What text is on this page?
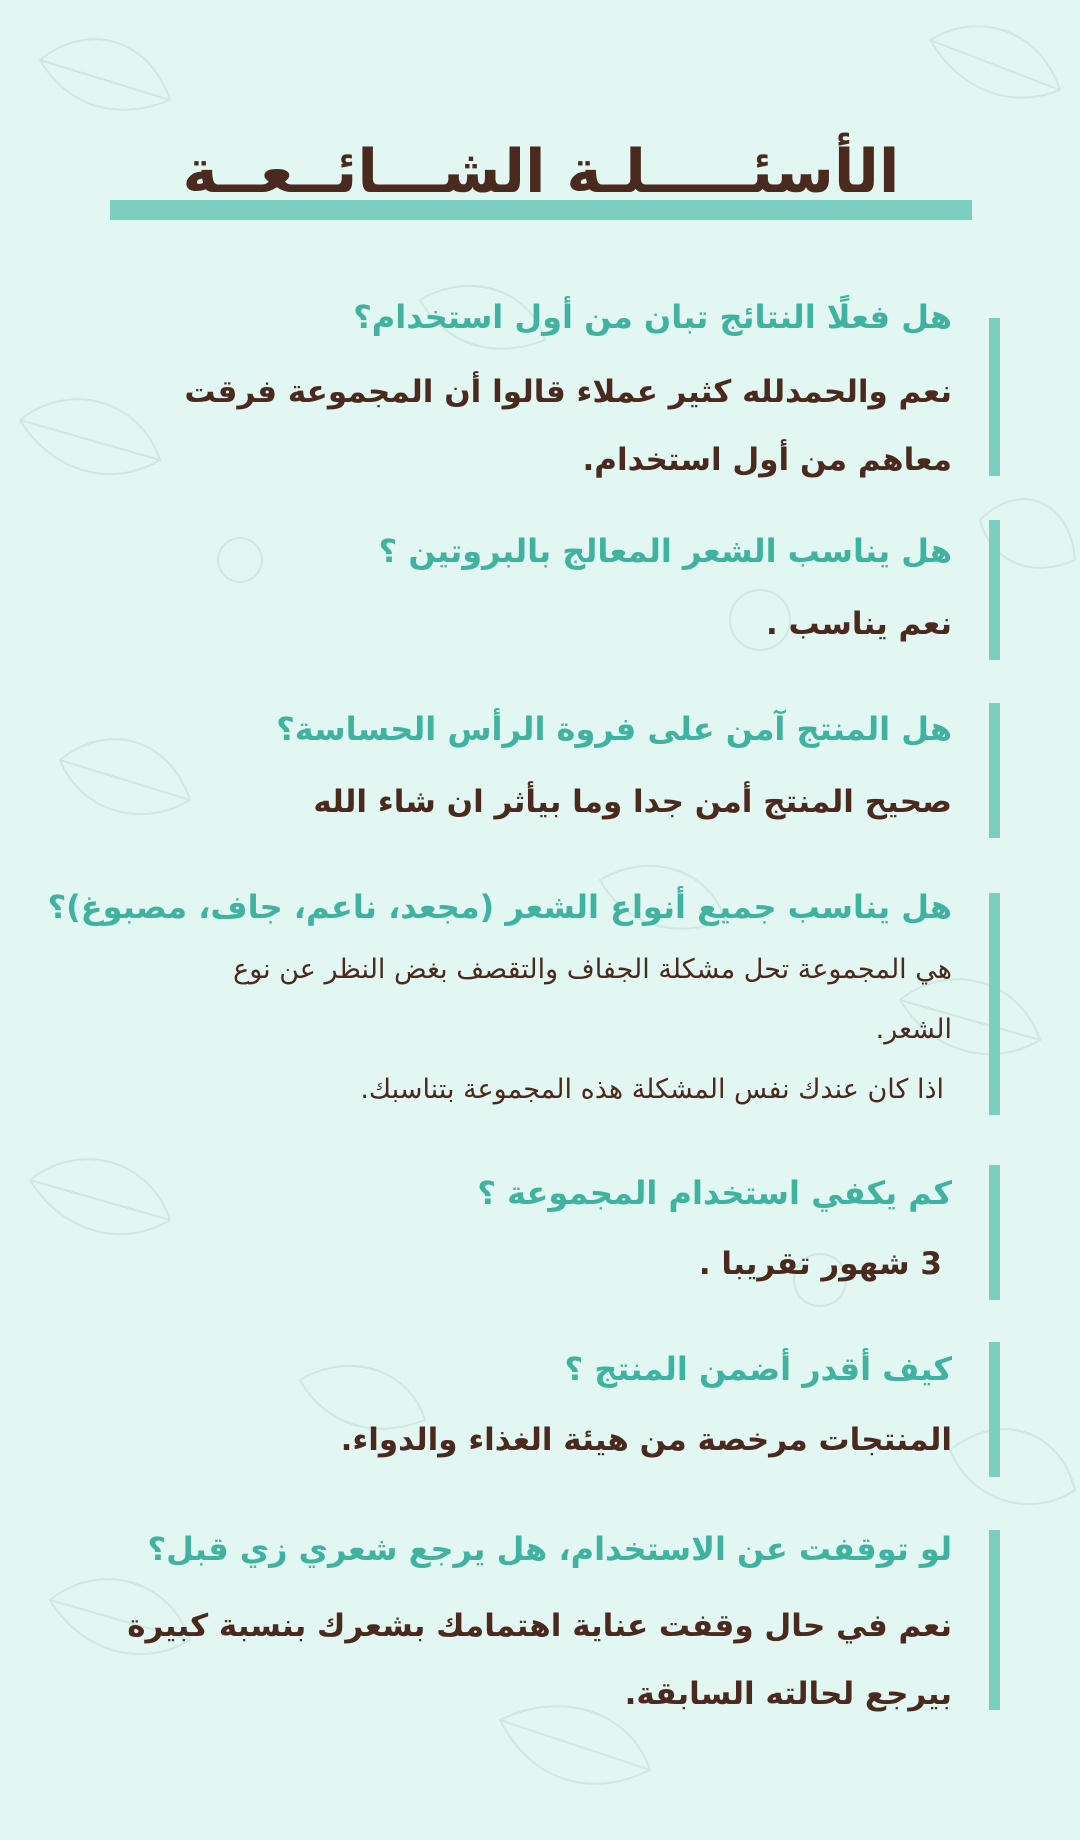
الأسئـــــلـة الشـــائــعــة
هل فعلًا النتائج تبان من أول استخدام؟
نعم والحمدلله كثير عملاء قالوا أن المجموعة فرقت
معاهم من أول استخدام.
هل يناسب الشعر المعالج بالبروتين ؟
نعم يناسب .
هل المنتج آمن على فروة الرأس الحساسة؟
صحيح المنتج أمن جدا وما بيأثر ان شاء الله
هل يناسب جميع أنواع الشعر (مجعد، ناعم، جاف، مصبوغ)؟
هي المجموعة تحل مشكلة الجفاف والتقصف بغض النظر عن نوع
الشعر.
اذا كان عندك نفس المشكلة هذه المجموعة بتناسبك.
كم يكفي استخدام المجموعة ؟
3 شهور تقريبا .
كيف أقدر أضمن المنتج ؟
المنتجات مرخصة من هيئة الغذاء والدواء.
لو توقفت عن الاستخدام، هل يرجع شعري زي قبل؟
نعم في حال وقفت عناية اهتمامك بشعرك بنسبة كبيرة
بيرجع لحالته السابقة.
